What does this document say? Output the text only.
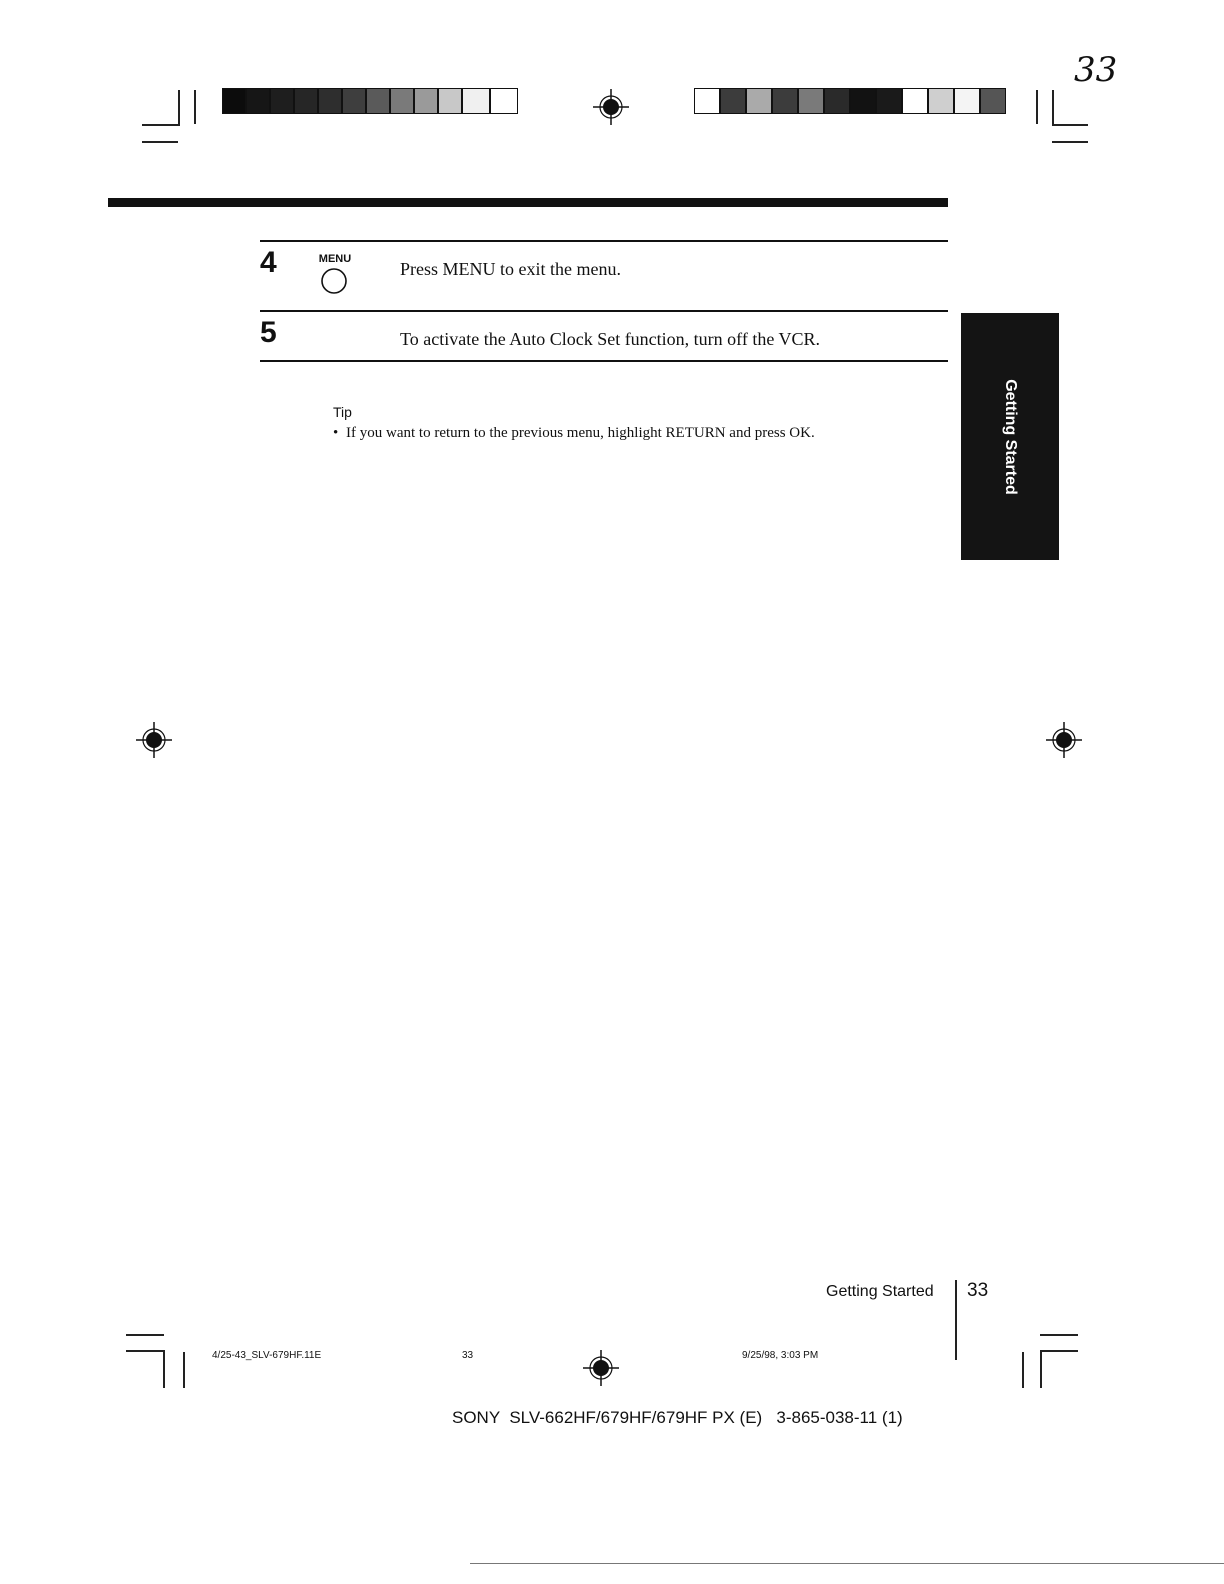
33
4	MENU	Press MENU to exit the menu.
5	To activate the Auto Clock Set function, turn off the VCR.
Tip
• If you want to return to the previous menu, highlight RETURN and press OK.	Getting Started
Getting Started 33
4/25-43_SLV-679HF.11E	33	9/25/98, 3:03 PM
SONY  SLV-662HF/679HF/679HF PX (E)   3-865-038-11 (1)
